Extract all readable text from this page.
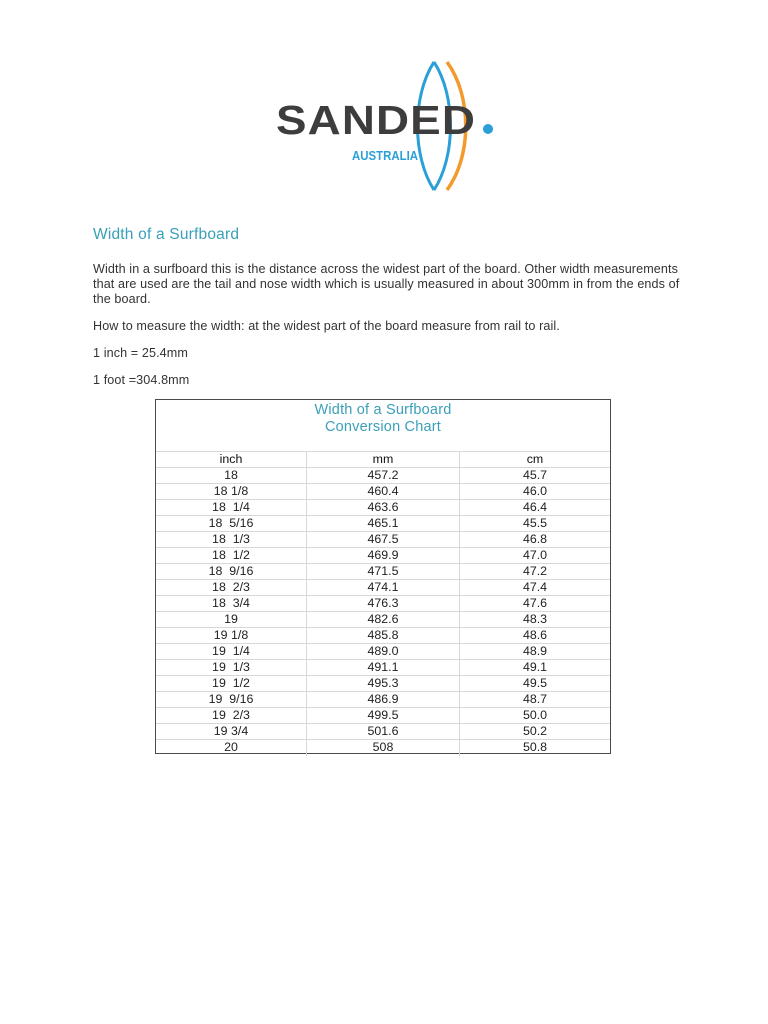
SANDED
AUSTRALIA
Width of a Surfboard
Width in a surfboard this is the distance across the widest part of the board. Other width measurements that are used are the tail and nose width which is usually measured in about 300mm in from the ends of the board.
How to measure the width: at the widest part of the board measure from rail to rail.
1 inch = 25.4mm
1 foot =304.8mm
Width of a Surfboard
Conversion Chart
inch	mm	cm
18	457.2	45.7
18 1/8	460.4	46.0
18  1/4	463.6	46.4
18  5/16	465.1	45.5
18  1/3	467.5	46.8
18  1/2	469.9	47.0
18  9/16	471.5	47.2
18  2/3	474.1	47.4
18  3/4	476.3	47.6
19	482.6	48.3
19 1/8	485.8	48.6
19  1/4	489.0	48.9
19  1/3	491.1	49.1
19  1/2	495.3	49.5
19  9/16	486.9	48.7
19  2/3	499.5	50.0
19 3/4	501.6	50.2
20	508	50.8
